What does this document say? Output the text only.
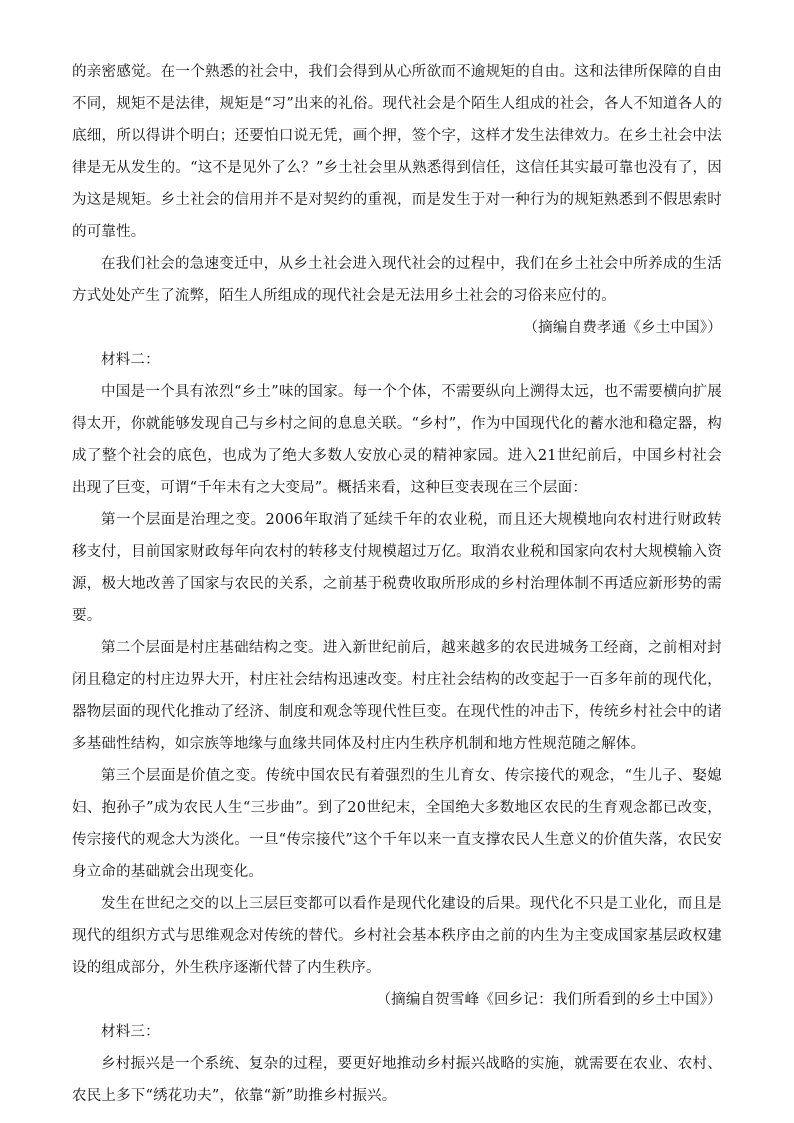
的亲密感觉。在一个熟悉的社会中，我们会得到从心所欲而不逾规矩的自由。这和法律所保障的自由不同，规矩不是法律，规矩是“习”出来的礼俗。现代社会是个陌生人组成的社会，各人不知道各人的底细，所以得讲个明白；还要怕口说无凭，画个押，签个字，这样才发生法律效力。在乡土社会中法律是无从发生的。“这不是见外了么？”乡土社会里从熟悉得到信任，这信任其实最可靠也没有了，因为这是规矩。乡土社会的信用并不是对契约的重视，而是发生于对一种行为的规矩熟悉到不假思索时的可靠性。

在我们社会的急速变迁中，从乡土社会进入现代社会的过程中，我们在乡土社会中所养成的生活方式处处产生了流弊，陌生人所组成的现代社会是无法用乡土社会的习俗来应付的。

（摘编自费孝通《乡土中国》）

材料二：

中国是一个具有浓烈“乡土”味的国家。每一个个体，不需要纵向上溯得太远，也不需要横向扩展得太开，你就能够发现自己与乡村之间的息息关联。“乡村”，作为中国现代化的蓄水池和稳定器，构成了整个社会的底色，也成为了绝大多数人安放心灵的精神家园。进入21世纪前后，中国乡村社会出现了巨变，可谓“千年未有之大变局”。概括来看，这种巨变表现在三个层面：

第一个层面是治理之变。2006年取消了延续千年的农业税，而且还大规模地向农村进行财政转移支付，目前国家财政每年向农村的转移支付规模超过万亿。取消农业税和国家向农村大规模输入资源，极大地改善了国家与农民的关系，之前基于税费收取所形成的乡村治理体制不再适应新形势的需要。

第二个层面是村庄基础结构之变。进入新世纪前后，越来越多的农民进城务工经商，之前相对封闭且稳定的村庄边界大开，村庄社会结构迅速改变。村庄社会结构的改变起于一百多年前的现代化，器物层面的现代化推动了经济、制度和观念等现代性巨变。在现代性的冲击下，传统乡村社会中的诸多基础性结构，如宗族等地缘与血缘共同体及村庄内生秩序机制和地方性规范随之解体。

第三个层面是价值之变。传统中国农民有着强烈的生儿育女、传宗接代的观念，“生儿子、娶媳妇、抱孙子”成为农民人生“三步曲”。到了20世纪末，全国绝大多数地区农民的生育观念都已改变，传宗接代的观念大为淡化。一旦“传宗接代”这个千年以来一直支撑农民人生意义的价值失落，农民安身立命的基础就会出现变化。

发生在世纪之交的以上三层巨变都可以看作是现代化建设的后果。现代化不只是工业化，而且是现代的组织方式与思维观念对传统的替代。乡村社会基本秩序由之前的内生为主变成国家基层政权建设的组成部分，外生秩序逐渐代替了内生秩序。

（摘编自贺雪峰《回乡记：我们所看到的乡土中国》）

材料三：

乡村振兴是一个系统、复杂的过程，要更好地推动乡村振兴战略的实施，就需要在农业、农村、农民上多下“绣花功夫”，依靠“新”助推乡村振兴。
